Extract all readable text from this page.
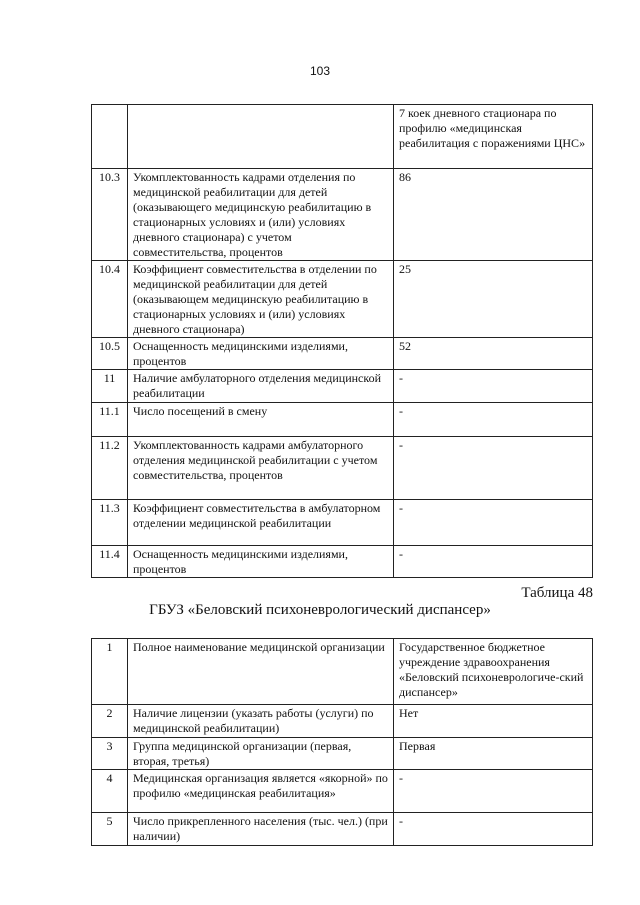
103
		7 коек дневного стационара по профилю «медицинская реабилитация с поражениями ЦНС»
10.3	Укомплектованность кадрами отделения по медицинской реабилитации для детей (оказывающего медицинскую реабилитацию в стационарных условиях и (или) условиях дневного стационара) с учетом совместительства, процентов	86
10.4	Коэффициент совместительства в отделении по медицинской реабилитации для детей (оказывающем медицинскую реабилитацию в стационарных условиях и (или) условиях дневного стационара)	25
10.5	Оснащенность медицинскими изделиями, процентов	52
11	Наличие амбулаторного отделения медицинской реабилитации	-
11.1	Число посещений в смену	-
11.2	Укомплектованность кадрами амбулаторного отделения медицинской реабилитации с учетом совместительства, процентов	-
11.3	Коэффициент совместительства в амбулаторном отделении медицинской реабилитации	-
11.4	Оснащенность медицинскими изделиями, процентов	-
Таблица 48
ГБУЗ «Беловский психоневрологический диспансер»
1	Полное наименование медицинской организации	Государственное бюджетное учреждение здравоохранения «Беловский психоневрологиче-ский диспансер»
2	Наличие лицензии (указать работы (услуги) по медицинской реабилитации)	Нет
3	Группа медицинской организации (первая, вторая, третья)	Первая
4	Медицинская организация является «якорной» по профилю «медицинская реабилитация»	-
5	Число прикрепленного населения (тыс. чел.) (при наличии)	-
